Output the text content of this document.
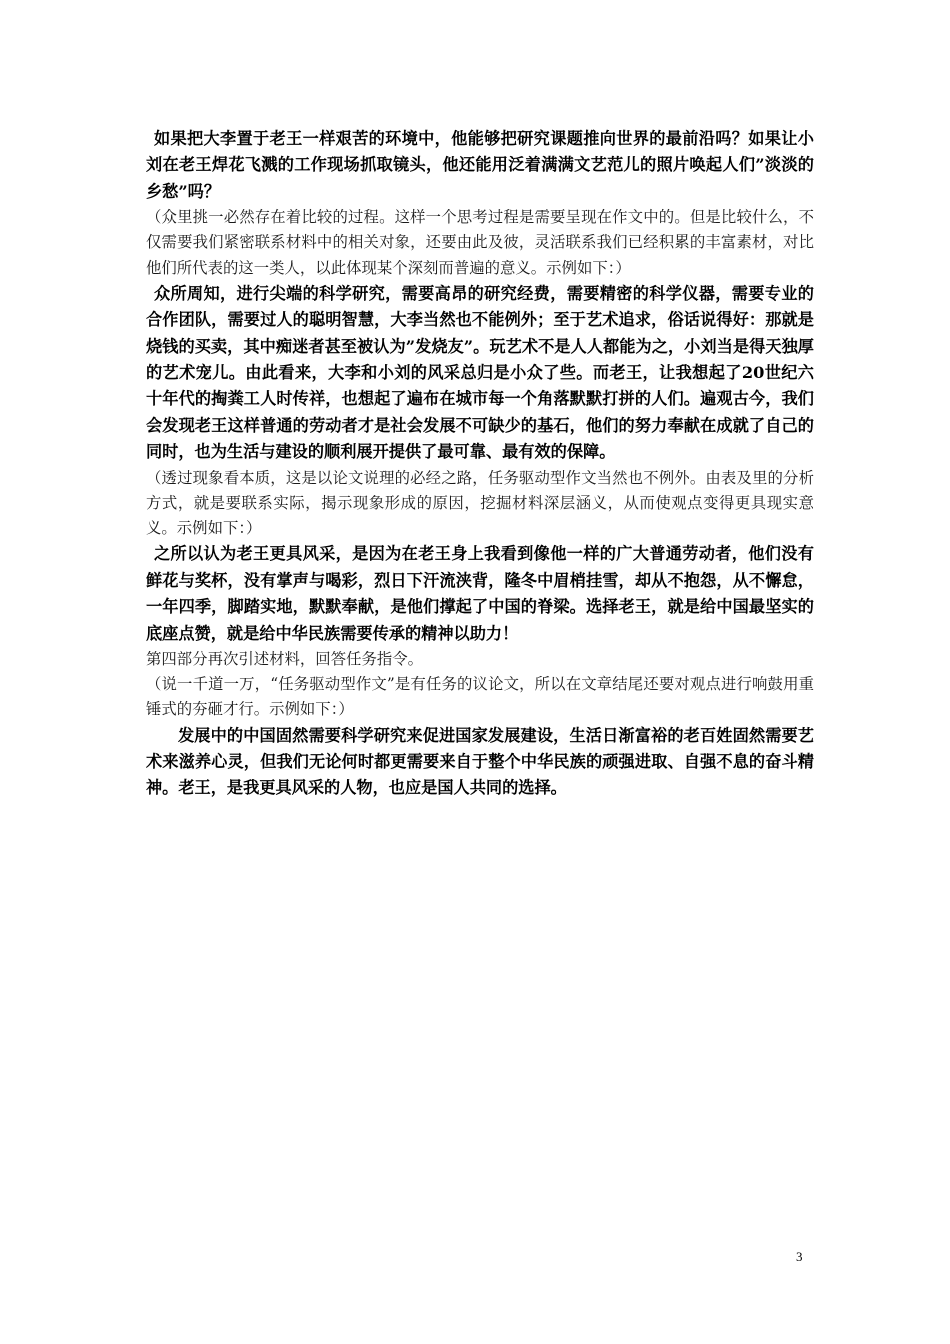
如果把大李置于老王一样艰苦的环境中，他能够把研究课题推向世界的最前沿吗？如果让小刘在老王焊花飞溅的工作现场抓取镜头，他还能用泛着满满文艺范儿的照片唤起人们”淡淡的乡愁”吗？

（众里挑一必然存在着比较的过程。这样一个思考过程是需要呈现在作文中的。但是比较什么，不仅需要我们紧密联系材料中的相关对象，还要由此及彼，灵活联系我们已经积累的丰富素材，对比他们所代表的这一类人，以此体现某个深刻而普遍的意义。示例如下：）

众所周知，进行尖端的科学研究，需要高昂的研究经费，需要精密的科学仪器，需要专业的合作团队，需要过人的聪明智慧，大李当然也不能例外；至于艺术追求，俗话说得好：那就是烧钱的买卖，其中痴迷者甚至被认为”发烧友”。玩艺术不是人人都能为之，小刘当是得天独厚的艺术宠儿。由此看来，大李和小刘的风采总归是小众了些。而老王，让我想起了20世纪六十年代的掏粪工人时传祥，也想起了遍布在城市每一个角落默默打拼的人们。遍观古今，我们会发现老王这样普通的劳动者才是社会发展不可缺少的基石，他们的努力奉献在成就了自己的同时，也为生活与建设的顺利展开提供了最可靠、最有效的保障。

（透过现象看本质，这是以论文说理的必经之路，任务驱动型作文当然也不例外。由表及里的分析方式，就是要联系实际，揭示现象形成的原因，挖掘材料深层涵义，从而使观点变得更具现实意义。示例如下：）

之所以认为老王更具风采，是因为在老王身上我看到像他一样的广大普通劳动者，他们没有鲜花与奖杯，没有掌声与喝彩，烈日下汗流浃背，隆冬中眉梢挂雪，却从不抱怨，从不懈怠，一年四季，脚踏实地，默默奉献，是他们撑起了中国的脊梁。选择老王，就是给中国最坚实的底座点赞，就是给中华民族需要传承的精神以助力！

第四部分再次引述材料，回答任务指令。

（说一千道一万，“任务驱动型作文”是有任务的议论文，所以在文章结尾还要对观点进行响鼓用重锤式的夯砸才行。示例如下：）

发展中的中国固然需要科学研究来促进国家发展建设，生活日渐富裕的老百姓固然需要艺术来滋养心灵，但我们无论何时都更需要来自于整个中华民族的顽强进取、自强不息的奋斗精神。老王，是我更具风采的人物，也应是国人共同的选择。

3
